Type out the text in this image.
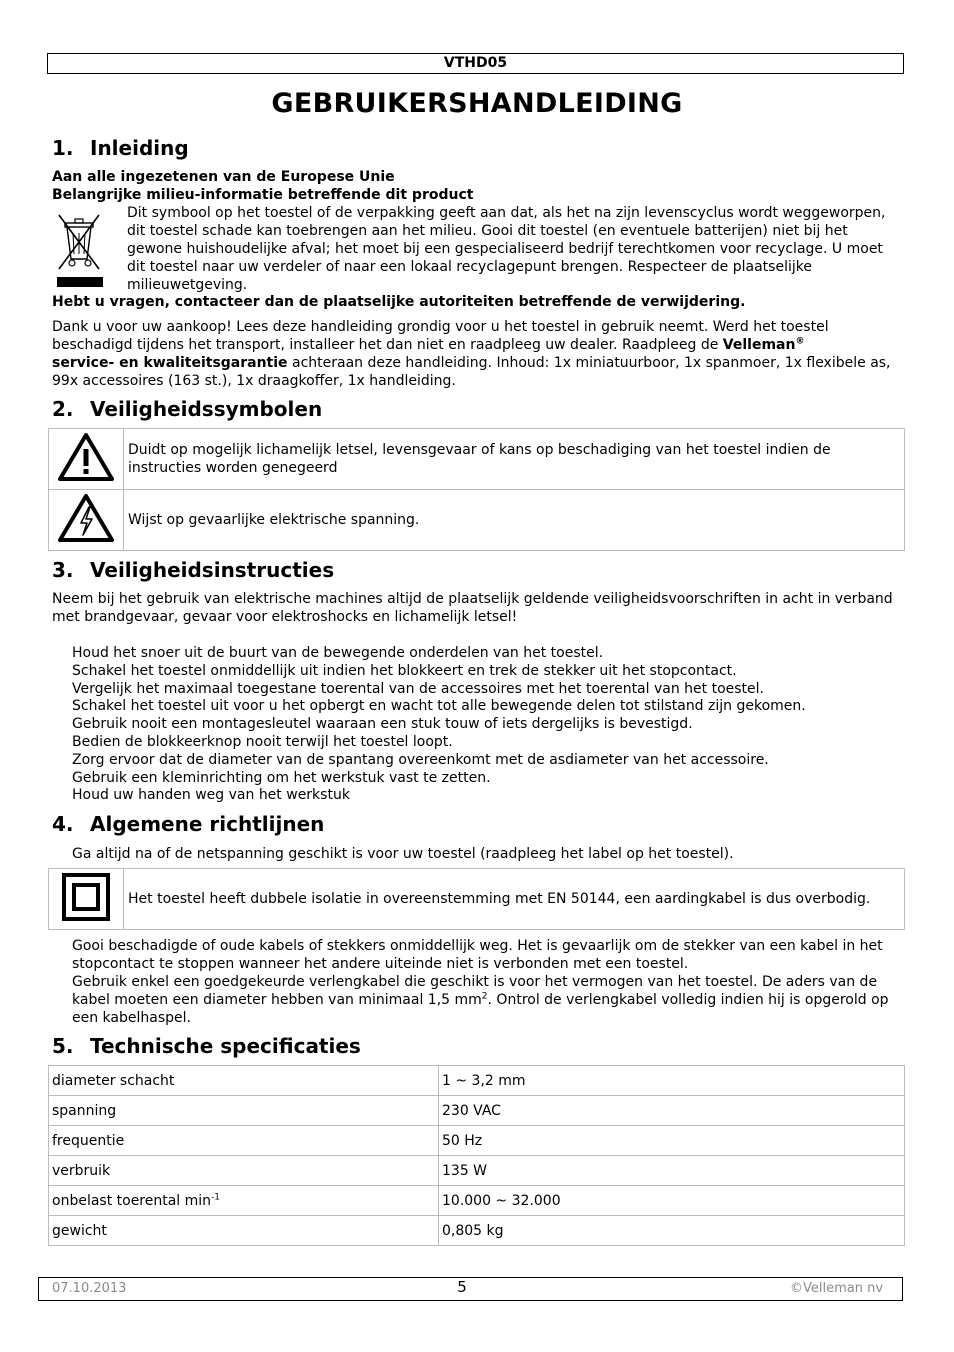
VTHD05
GEBRUIKERSHANDLEIDING
1. Inleiding

Aan alle ingezetenen van de Europese Unie

Belangrijke milieu-informatie betreffende dit product

Dit symbool op het toestel of de verpakking geeft aan dat, als het na zijn levenscyclus wordt weggeworpen, dit toestel schade kan toebrengen aan het milieu. Gooi dit toestel (en eventuele batterijen) niet bij het gewone huishoudelijke afval; het moet bij een gespecialiseerd bedrijf terechtkomen voor recyclage. U moet dit toestel naar uw verdeler of naar een lokaal recyclagepunt brengen. Respecteer de plaatselijke milieuwetgeving.

Hebt u vragen, contacteer dan de plaatselijke autoriteiten betreffende de verwijdering.

Dank u voor uw aankoop! Lees deze handleiding grondig voor u het toestel in gebruik neemt. Werd het toestel beschadigd tijdens het transport, installeer het dan niet en raadpleeg uw dealer. Raadpleeg de Velleman®
service- en kwaliteitsgarantie achteraan deze handleiding. Inhoud: 1x miniatuurboor, 1x spanmoer, 1x flexibele as, 99x accessoires (163 st.), 1x draagkoffer, 1x handleiding.

2. Veiligheidssymbolen
	Duidt op mogelijk lichamelijk letsel, levensgevaar of kans op beschadiging van het toestel indien de instructies worden genegeerd
	Wijst op gevaarlijke elektrische spanning.
3. Veiligheidsinstructies

Neem bij het gebruik van elektrische machines altijd de plaatselijk geldende veiligheidsvoorschriften in acht in verband met brandgevaar, gevaar voor elektroshocks en lichamelijk letsel!

Houd het snoer uit de buurt van de bewegende onderdelen van het toestel.
Schakel het toestel onmiddellijk uit indien het blokkeert en trek de stekker uit het stopcontact.
Vergelijk het maximaal toegestane toerental van de accessoires met het toerental van het toestel.
Schakel het toestel uit voor u het opbergt en wacht tot alle bewegende delen tot stilstand zijn gekomen.
Gebruik nooit een montagesleutel waaraan een stuk touw of iets dergelijks is bevestigd.
Bedien de blokkeerknop nooit terwijl het toestel loopt.
Zorg ervoor dat de diameter van de spantang overeenkomt met de asdiameter van het accessoire.
Gebruik een kleminrichting om het werkstuk vast te zetten.
Houd uw handen weg van het werkstuk
4. Algemene richtlijnen

Ga altijd na of de netspanning geschikt is voor uw toestel (raadpleeg het label op het toestel).

	Het toestel heeft dubbele isolatie in overeenstemming met EN 50144, een aardingkabel is dus overbodig.

Gooi beschadigde of oude kabels of stekkers onmiddellijk weg. Het is gevaarlijk om de stekker van een kabel in het stopcontact te stoppen wanneer het andere uiteinde niet is verbonden met een toestel.

Gebruik enkel een goedgekeurde verlengkabel die geschikt is voor het vermogen van het toestel. De aders van de kabel moeten een diameter hebben van minimaal 1,5 $mm^2$. Ontrol de verlengkabel volledig indien hij is opgerold op een kabelhaspel.

5. Technische specificaties
diameter schacht	1 ~ 3,2 mm
spanning	230 VAC
frequentie	50 Hz
verbruik	135 W
onbelast toerental $\min^{-1}$	10.000 ~ 32.000
gewicht	0,805 kg
07.10.2013	5	©Velleman nv
